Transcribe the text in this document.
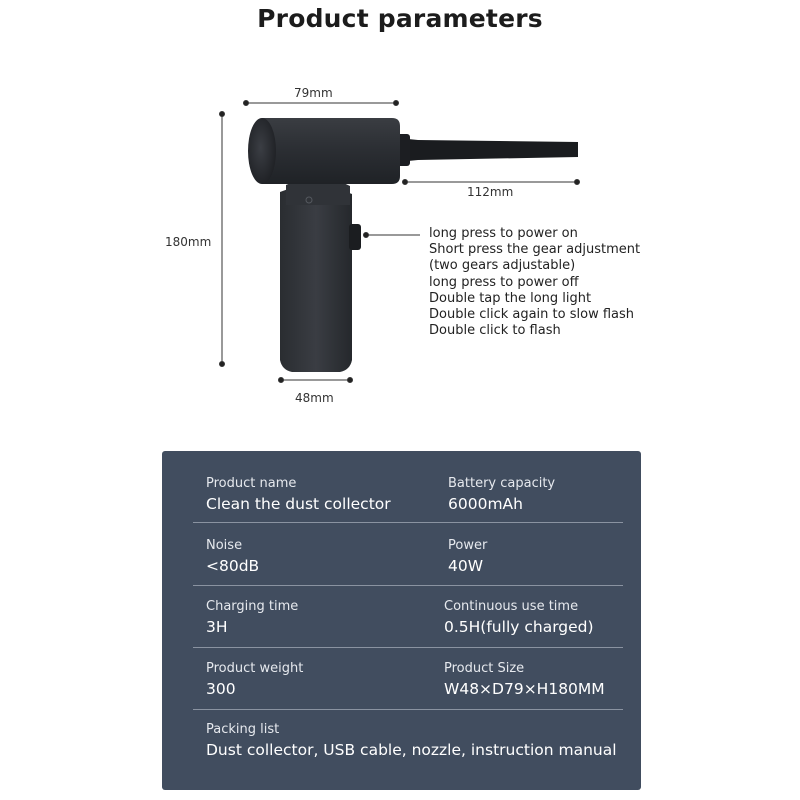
Product parameters
79mm
112mm
180mm
48mm
long press to power on
Short press the gear adjustment
(two gears adjustable)
long press to power off
Double tap the long light
Double click again to slow flash
Double click to flash
Product name
Clean the dust collector
Battery capacity
6000mAh
Noise
<80dB
Power
40W
Charging time
3H
Continuous use time
0.5H(fully charged)
Product weight
300
Product Size
W48×D79×H180MM
Packing list
Dust collector, USB cable, nozzle, instruction manual
